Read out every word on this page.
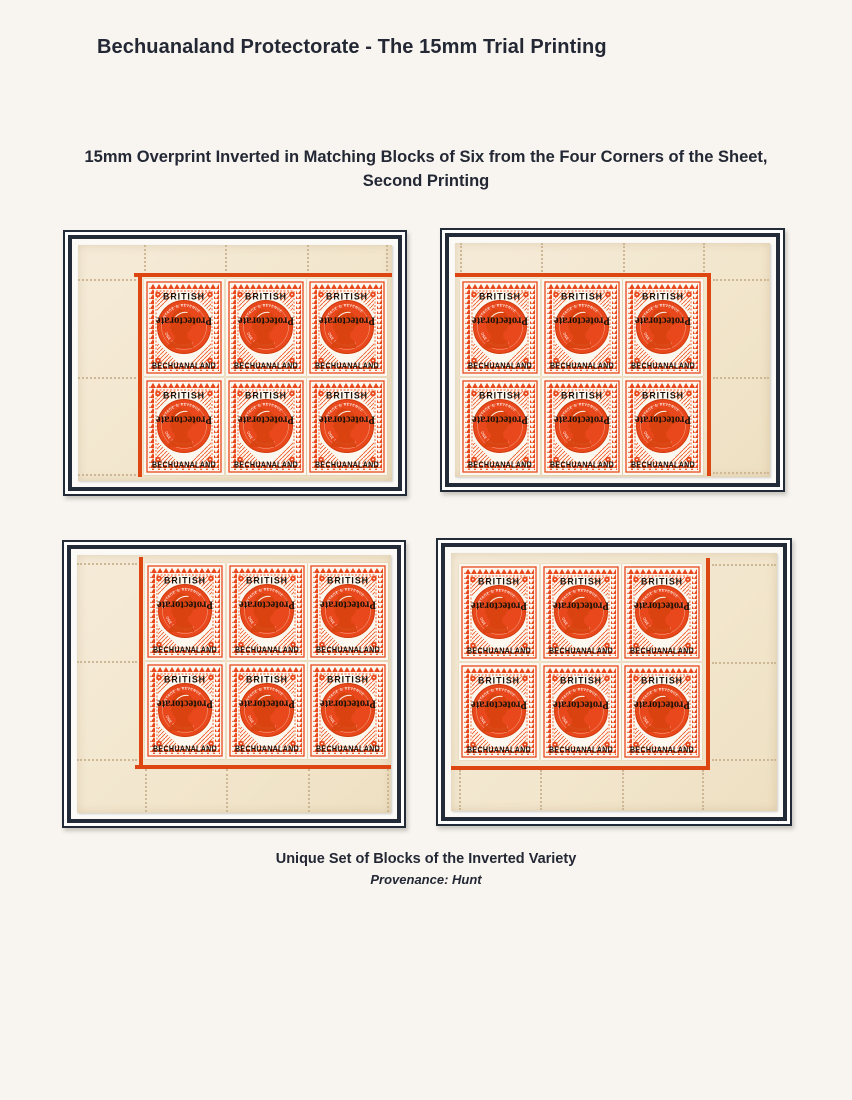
Bechuanaland Protectorate - The 15mm Trial Printing
15mm Overprint Inverted in Matching Blocks of Six from the Four Corners of the Sheet,
Second Printing
Unique Set of Blocks of the Inverted Variety
Provenance: Hunt
